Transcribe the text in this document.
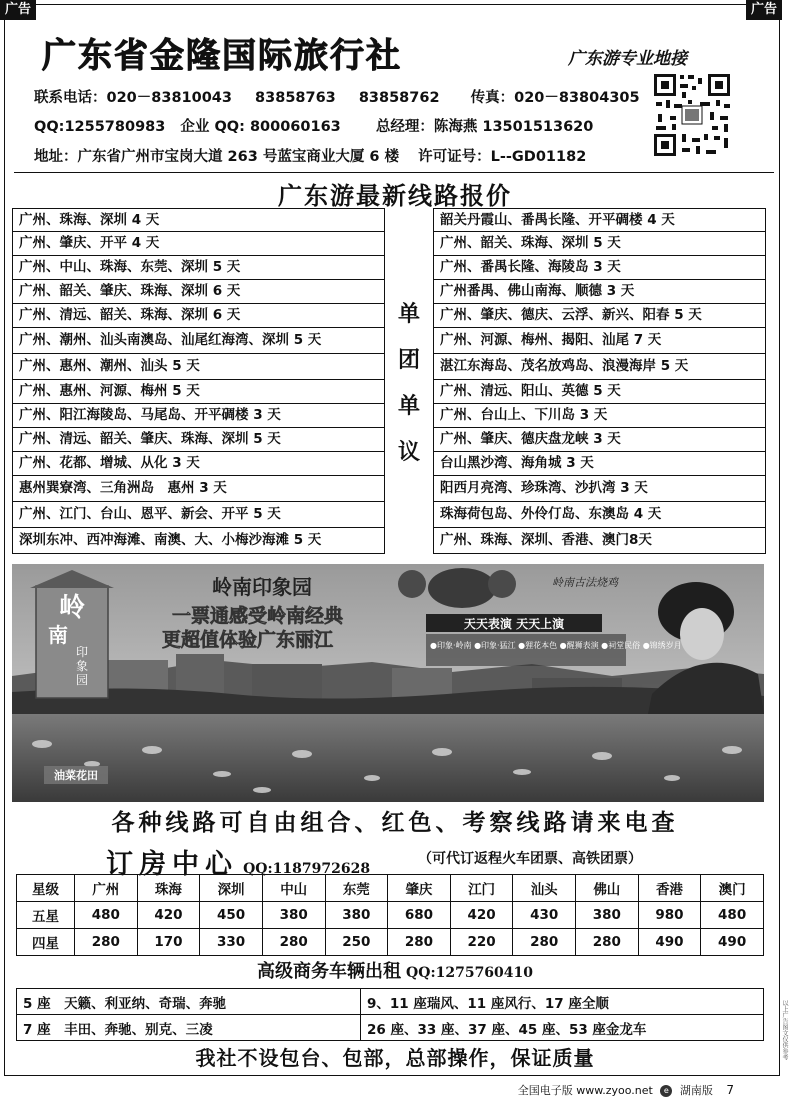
广告	广告
广东省金隆国际旅行社	广东游专业地接
联系电话：020－83810043 83858763 83858762 传真：020－83804305
QQ:1255780983 企业 QQ: 800060163 总经理：陈海燕 13501513620
地址：广东省广州市宝岗大道 263 号蓝宝商业大厦 6 楼 许可证号：L--GD01182
广东游最新线路报价
广州、珠海、深圳 4 天
广州、肇庆、开平 4 天
广州、中山、珠海、东莞、深圳 5 天
广州、韶关、肇庆、珠海、深圳 6 天
广州、清远、韶关、珠海、深圳 6 天
广州、潮州、汕头南澳岛、汕尾红海湾、深圳 5 天
广州、惠州、潮州、汕头 5 天
广州、惠州、河源、梅州 5 天
广州、阳江海陵岛、马尾岛、开平碉楼 3 天
广州、清远、韶关、肇庆、珠海、深圳 5 天
广州、花都、增城、从化 3 天
惠州巽寮湾、三角洲岛　惠州 3 天
广州、江门、台山、恩平、新会、开平 5 天
深圳东冲、西冲海滩、南澳、大、小梅沙海滩 5 天
单
团
单
议
韶关丹霞山、番禺长隆、开平碉楼 4 天
广州、韶关、珠海、深圳 5 天
广州、番禺长隆、海陵岛 3 天
广州番禺、佛山南海、顺德 3 天
广州、肇庆、德庆、云浮、新兴、阳春 5 天
广州、河源、梅州、揭阳、汕尾 7 天
湛江东海岛、茂名放鸡岛、浪漫海岸 5 天
广州、清远、阳山、英德 5 天
广州、台山上、下川岛 3 天
广州、肇庆、德庆盘龙峡 3 天
台山黑沙湾、海角城 3 天
阳西月亮湾、珍珠湾、沙扒湾 3 天
珠海荷包岛、外伶仃岛、东澳岛 4 天
广州、珠海、深圳、香港、澳门8天
岭
南
印
象
园
岭南印象园
一票通感受岭南经典
更超值体验广东丽江
岭南古法烧鸡
天天表演 天天上演
●印象·岭南 ●印象·猛江 ●狸花本色 ●醒狮表演 ●祠堂民俗 ●锦绣岁月
油菜花田
各种线路可自由组合、红色、考察线路请来电查
订房中心 QQ:1187972628
（可代订返程火车团票、高铁团票）
星级	广州	珠海	深圳	中山	东莞	肇庆	江门	汕头	佛山	香港	澳门
五星	480	420	450	380	380	680	420	430	380	980	480
四星	280	170	330	280	250	280	220	280	280	490	490
高级商务车辆出租 QQ:1275760410
5 座　天籁、利亚纳、奇瑞、奔驰	9、11 座瑞风、11 座风行、17 座全顺
7 座　丰田、奔驰、别克、三凌	26 座、33 座、37 座、45 座、53 座金龙车
我社不设包台、包部，总部操作，保证质量	以上广告图文仅供参考
全国电子版 www.zyoo.net e 湖南版 7
